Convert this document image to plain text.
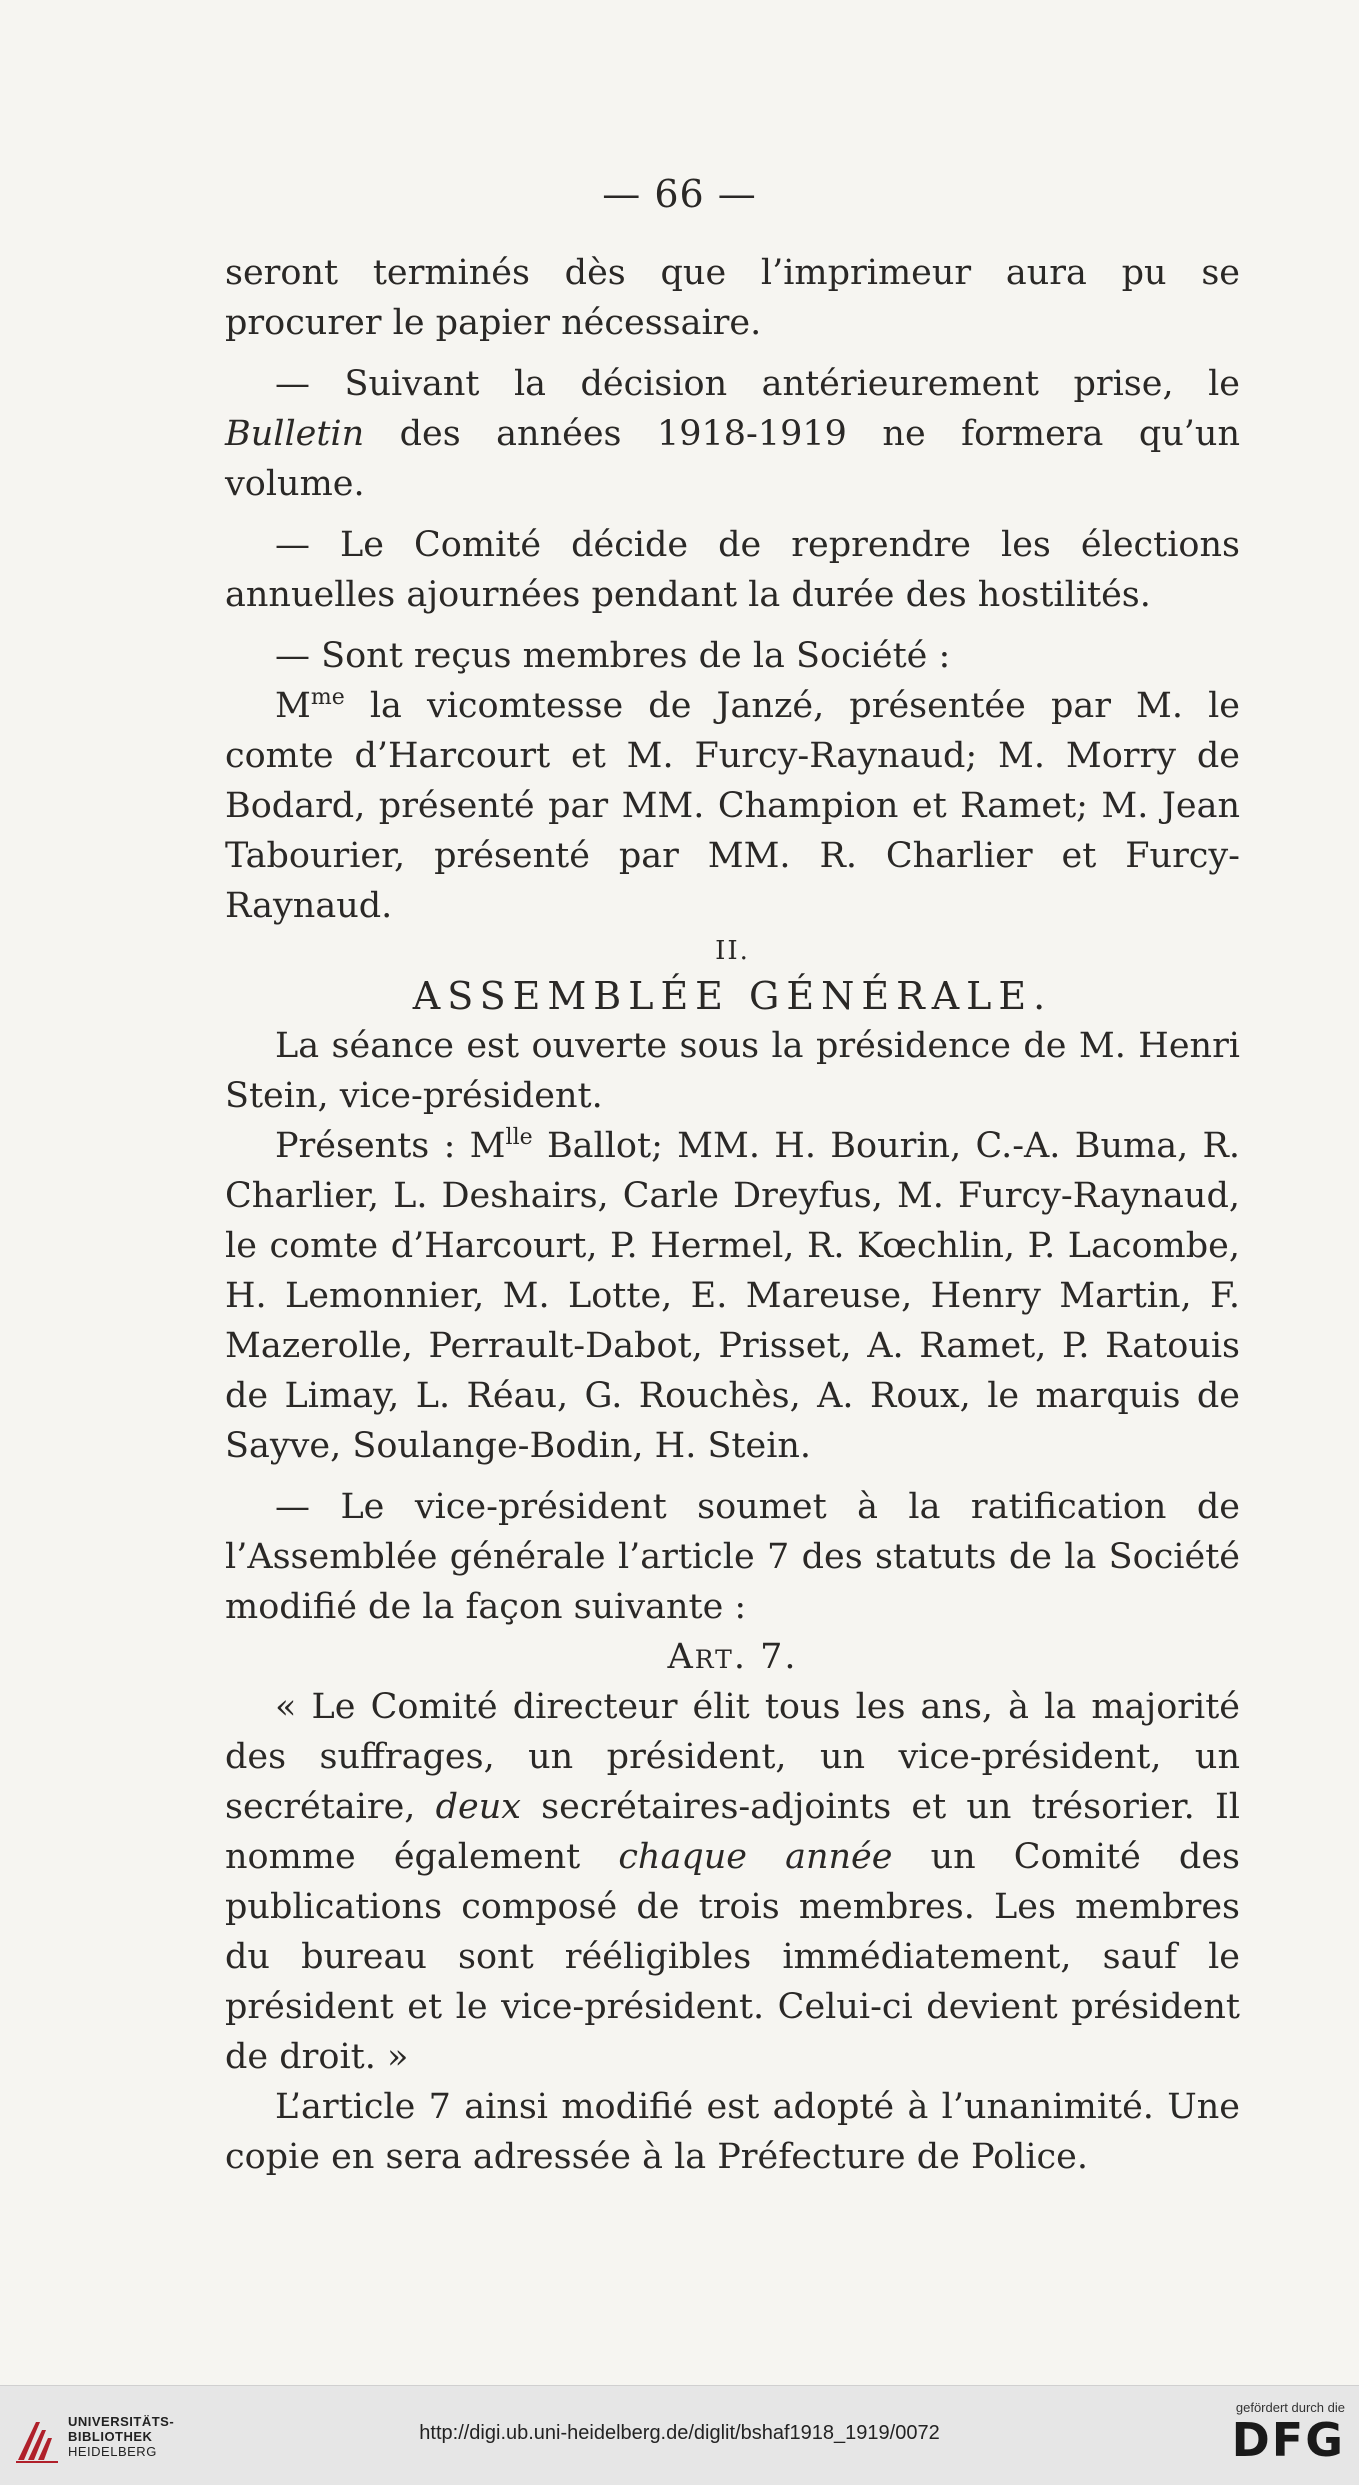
— 66 —

seront terminés dès que l’imprimeur aura pu se procurer le papier nécessaire.

— Suivant la décision antérieurement prise, le Bulletin des années 1918-1919 ne formera qu’un volume.

— Le Comité décide de reprendre les élections annuelles ajournées pendant la durée des hostilités.

— Sont reçus membres de la Société :

$M^{me}$ la vicomtesse de Janzé, présentée par M. le comte d’Harcourt et M. Furcy-Raynaud; M. Morry de Bodard, présenté par MM. Champion et Ramet; M. Jean Tabourier, présenté par MM. R. Charlier et Furcy-Raynaud.

II.

ASSEMBLÉE GÉNÉRALE.

La séance est ouverte sous la présidence de M. Henri Stein, vice-président.

Présents : $M^{lle}$ Ballot; MM. H. Bourin, C.-A. Buma, R. Charlier, L. Deshairs, Carle Dreyfus, M. Furcy-Raynaud, le comte d’Harcourt, P. Hermel, R. Kœchlin, P. Lacombe, H. Lemonnier, M. Lotte, E. Mareuse, Henry Martin, F. Mazerolle, Perrault-Dabot, Prisset, A. Ramet, P. Ratouis de Limay, L. Réau, G. Rouchès, A. Roux, le marquis de Sayve, Soulange-Bodin, H. Stein.

— Le vice-président soumet à la ratification de l’Assemblée générale l’article 7 des statuts de la Société modifié de la façon suivante :

Art. 7.

« Le Comité directeur élit tous les ans, à la majorité des suffrages, un président, un vice-président, un secrétaire, deux secrétaires-adjoints et un trésorier. Il nomme également chaque année un Comité des publications composé de trois membres. Les membres du bureau sont rééligibles immédiatement, sauf le président et le vice-président. Celui-ci devient président de droit. »

L’article 7 ainsi modifié est adopté à l’unanimité. Une copie en sera adressée à la Préfecture de Police.

UNIVERSITÄTS-
BIBLIOTHEK
HEIDELBERG
http://digi.ub.uni-heidelberg.de/diglit/bshaf1918_1919/0072
gefördert durch die
DFG
